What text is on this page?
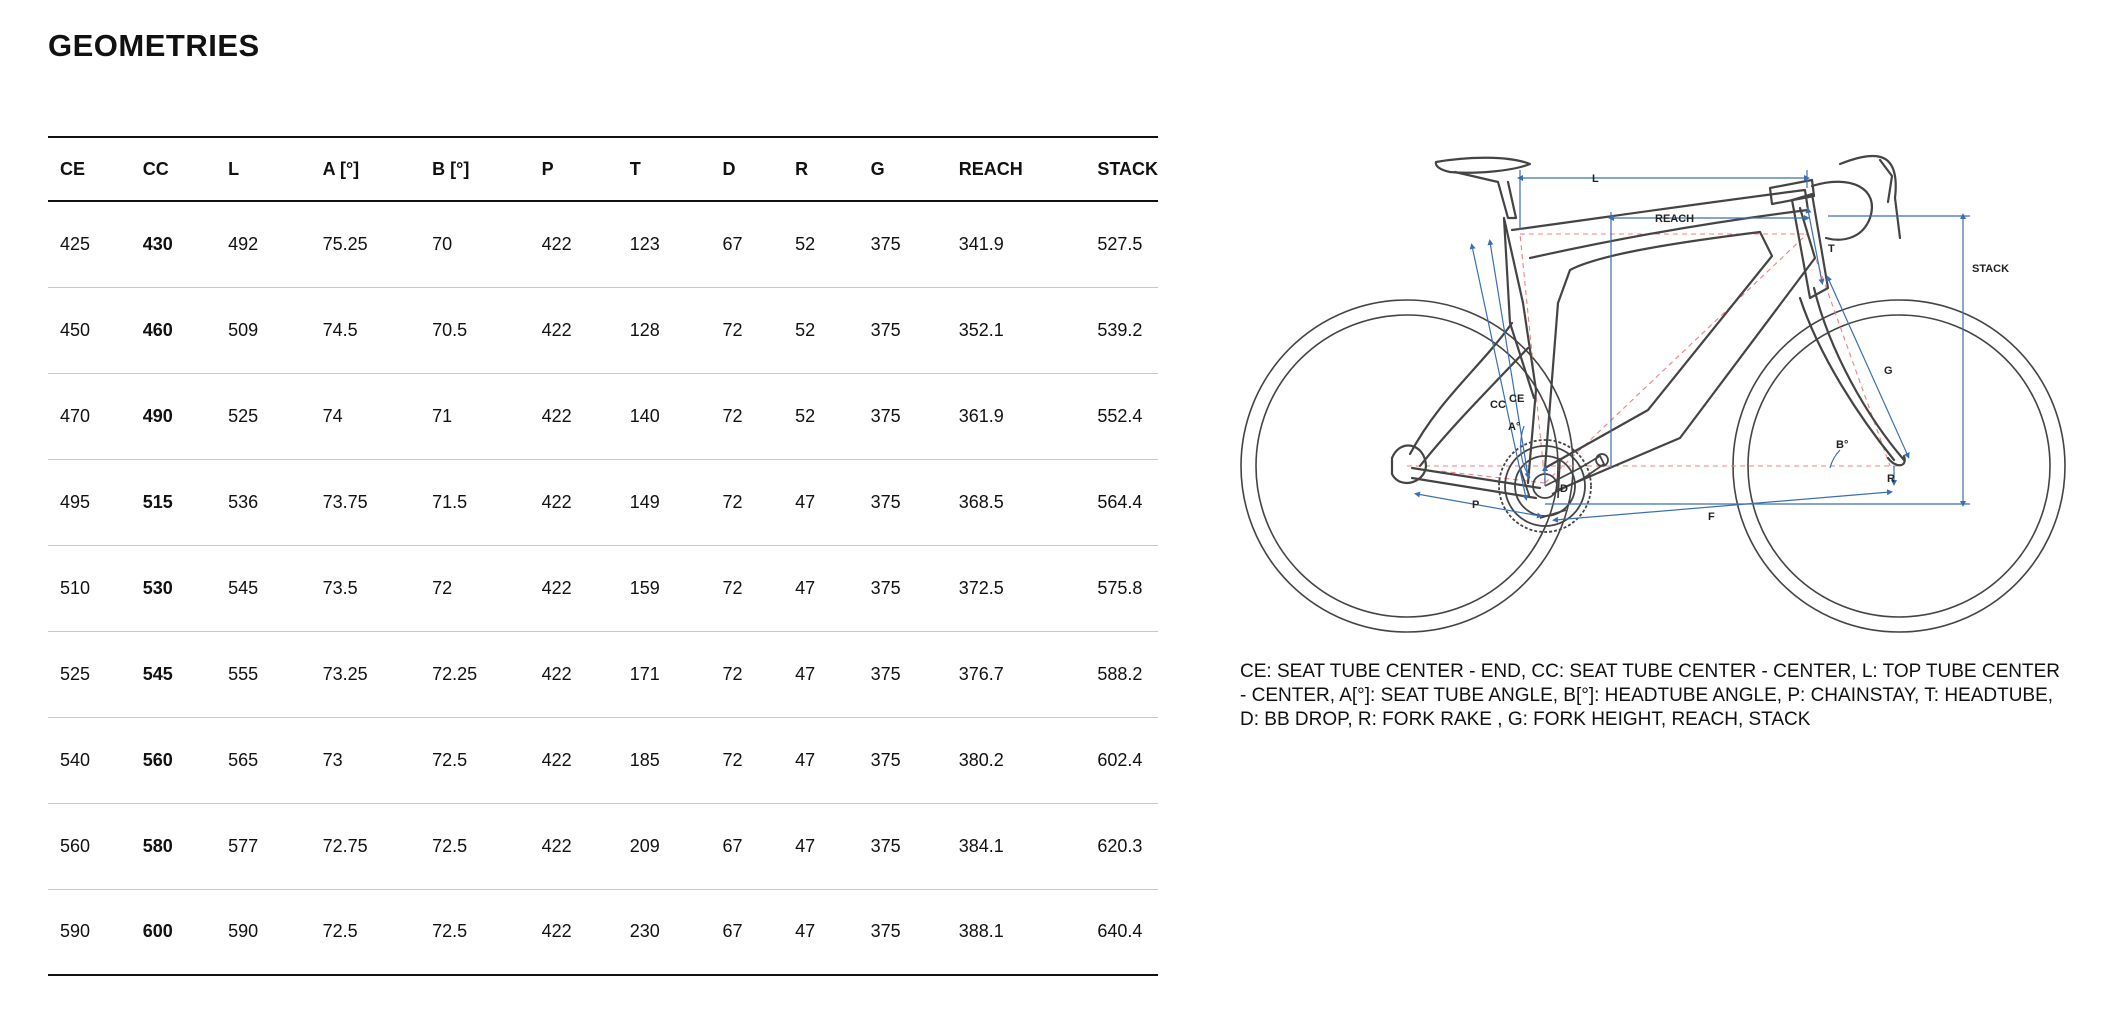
GEOMETRIES
CE	CC	L	A [°]	B [°]	P	T	D	R	G	REACH	STACK
425	430	492	75.25	70	422	123	67	52	375	341.9	527.5
450	460	509	74.5	70.5	422	128	72	52	375	352.1	539.2
470	490	525	74	71	422	140	72	52	375	361.9	552.4
495	515	536	73.75	71.5	422	149	72	47	375	368.5	564.4
510	530	545	73.5	72	422	159	72	47	375	372.5	575.8
525	545	555	73.25	72.25	422	171	72	47	375	376.7	588.2
540	560	565	73	72.5	422	185	72	47	375	380.2	602.4
560	580	577	72.75	72.5	422	209	67	47	375	384.1	620.3
590	600	590	72.5	72.5	422	230	67	47	375	388.1	640.4
L
REACH
STACK
T
G
CC CE
A°
B°
P
D
F
R

CE: SEAT TUBE CENTER - END, CC: SEAT TUBE CENTER - CENTER, L: TOP TUBE CENTER - CENTER, A[°]: SEAT TUBE ANGLE, B[°]: HEADTUBE ANGLE, P: CHAINSTAY, T: HEADTUBE, D: BB DROP, R: FORK RAKE , G: FORK HEIGHT, REACH, STACK
